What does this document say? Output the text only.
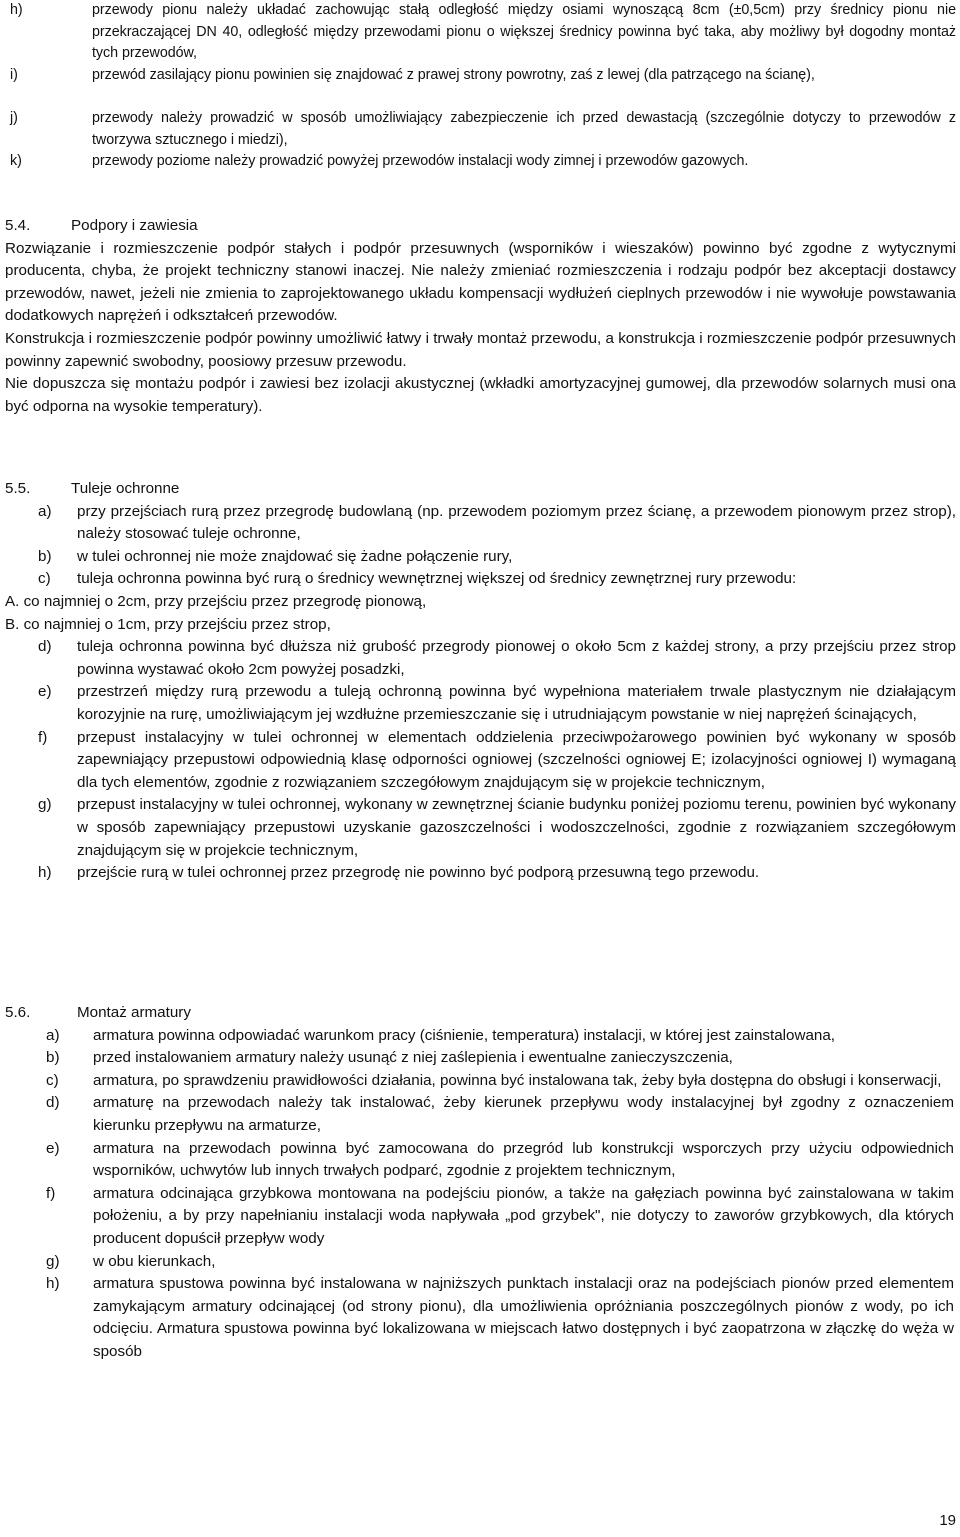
h)	przewody pionu należy układać zachowując stałą odległość między osiami wynoszącą 8cm (±0,5cm) przy średnicy pionu nie przekraczającej DN 40, odległość między przewodami pionu o większej średnicy powinna być taka, aby możliwy był dogodny montaż tych przewodów,
i)	przewód zasilający pionu powinien się znajdować z prawej strony powrotny, zaś z lewej (dla patrzącego na ścianę),
j)	przewody należy prowadzić w sposób umożliwiający zabezpieczenie ich przed dewastacją (szczególnie dotyczy to przewodów z tworzywa sztucznego i miedzi),
k)	przewody poziome należy prowadzić powyżej przewodów instalacji wody zimnej i przewodów gazowych.
5.4.	Podpory i zawiesia
Rozwiązanie i rozmieszczenie podpór stałych i podpór przesuwnych (wsporników i wieszaków) powinno być zgodne z wytycznymi producenta, chyba, że projekt techniczny stanowi inaczej. Nie należy zmieniać rozmieszczenia i rodzaju podpór bez akceptacji dostawcy przewodów, nawet, jeżeli nie zmienia to zaprojektowanego układu kompensacji wydłużeń cieplnych przewodów i nie wywołuje powstawania dodatkowych naprężeń i odkształceń przewodów.
Konstrukcja i rozmieszczenie podpór powinny umożliwić łatwy i trwały montaż przewodu, a konstrukcja i rozmieszczenie podpór przesuwnych powinny zapewnić swobodny, poosiowy przesuw przewodu.
Nie dopuszcza się montażu podpór i zawiesi bez izolacji akustycznej (wkładki amortyzacyjnej gumowej, dla przewodów solarnych musi ona być odporna na wysokie temperatury).
5.5.	Tuleje ochronne
a)	przy przejściach rurą przez przegrodę budowlaną (np. przewodem poziomym przez ścianę, a przewodem pionowym przez strop), należy stosować tuleje ochronne,
b)	w tulei ochronnej nie może znajdować się żadne połączenie rury,
c)	tuleja ochronna powinna być rurą o średnicy wewnętrznej większej od średnicy zewnętrznej rury przewodu:
A. co najmniej o 2cm, przy przejściu przez przegrodę pionową,
B. co najmniej o 1cm, przy przejściu przez strop,
d)	tuleja ochronna powinna być dłuższa niż grubość przegrody pionowej o około 5cm z każdej strony, a przy przejściu przez strop powinna wystawać około 2cm powyżej posadzki,
e)	przestrzeń między rurą przewodu a tuleją ochronną powinna być wypełniona materiałem trwale plastycznym nie działającym korozyjnie na rurę, umożliwiającym jej wzdłużne przemieszczanie się i utrudniającym powstanie w niej naprężeń ścinających,
f)	przepust instalacyjny w tulei ochronnej w elementach oddzielenia przeciwpożarowego powinien być wykonany w sposób zapewniający przepustowi odpowiednią klasę odporności ogniowej (szczelności ogniowej E; izolacyjności ogniowej I) wymaganą dla tych elementów, zgodnie z rozwiązaniem szczegółowym znajdującym się w projekcie technicznym,
g)	przepust instalacyjny w tulei ochronnej, wykonany w zewnętrznej ścianie budynku poniżej poziomu terenu, powinien być wykonany w sposób zapewniający przepustowi uzyskanie gazoszczelności i wodoszczelności, zgodnie z rozwiązaniem szczegółowym znajdującym się w projekcie technicznym,
h)	przejście rurą w tulei ochronnej przez przegrodę nie powinno być podporą przesuwną tego przewodu.
5.6.	Montaż armatury
a)	armatura powinna odpowiadać warunkom pracy (ciśnienie, temperatura) instalacji, w której jest zainstalowana,
b)	przed instalowaniem armatury należy usunąć z niej zaślepienia i ewentualne zanieczyszczenia,
c)	armatura, po sprawdzeniu prawidłowości działania, powinna być instalowana tak, żeby była dostępna do obsługi i konserwacji,
d)	armaturę na przewodach należy tak instalować, żeby kierunek przepływu wody instalacyjnej był zgodny z oznaczeniem kierunku przepływu na armaturze,
e)	armatura na przewodach powinna być zamocowana do przegród lub konstrukcji wsporczych przy użyciu odpowiednich wsporników, uchwytów lub innych trwałych podparć, zgodnie z projektem technicznym,
f)	armatura odcinająca grzybkowa montowana na podejściu pionów, a także na gałęziach powinna być zainstalowana w takim położeniu, a by przy napełnianiu instalacji woda napływała „pod grzybek", nie dotyczy to zaworów grzybkowych, dla których producent dopuścił przepływ wody
g)	w obu kierunkach,
h)	armatura spustowa powinna być instalowana w najniższych punktach instalacji oraz na podejściach pionów przed elementem zamykającym armatury odcinającej (od strony pionu), dla umożliwienia opróżniania poszczególnych pionów z wody, po ich odcięciu. Armatura spustowa powinna być lokalizowana w miejscach łatwo dostępnych i być zaopatrzona w złączkę do węża w sposób
19
